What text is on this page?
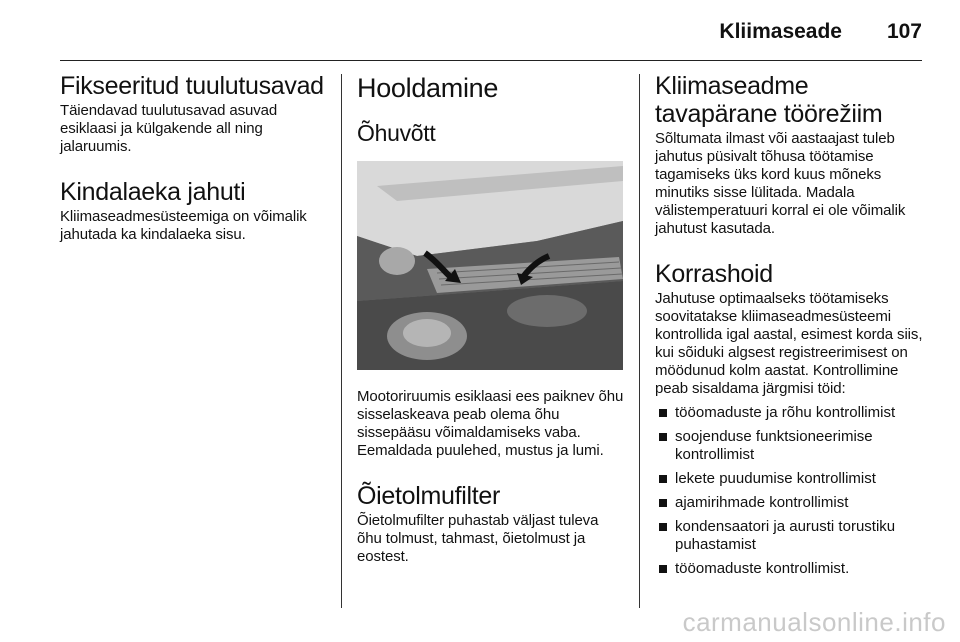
Kliimaseade 107
Fikseeritud tuulutusavad

Täiendavad tuulutusavad asuvad esiklaasi ja külgakende all ning jalaruumis.

Kindalaeka jahuti

Kliimaseadmesüsteemiga on võimalik jahutada ka kindalaeka sisu.

Hooldamine
Õhuvõtt

Mootoriruumis esiklaasi ees paiknev õhu sisselaskeava peab olema õhu sissepääsu võimaldamiseks vaba. Eemaldada puulehed, mustus ja lumi.

Õietolmufilter

Õietolmufilter puhastab väljast tuleva õhu tolmust, tahmast, õietolmust ja eostest.

Kliimaseadme tavapärane töörežiim

Sõltumata ilmast või aastaajast tuleb jahutus püsivalt tõhusa töötamise tagamiseks üks kord kuus mõneks minutiks sisse lülitada. Madala välistemperatuuri korral ei ole võimalik jahutust kasutada.

Korrashoid

Jahutuse optimaalseks töötamiseks soovitatakse kliimaseadmesüsteemi kontrollida igal aastal, esimest korda siis, kui sõiduki algsest registreerimisest on möödunud kolm aastat. Kontrollimine peab sisaldama järgmisi töid:

tööomaduste ja rõhu kontrollimist
soojenduse funktsioneerimise kontrollimist
lekete puudumise kontrollimist
ajamirihmade kontrollimist
kondensaatori ja aurusti torustiku puhastamist
tööomaduste kontrollimist.
carmanualsonline.info
